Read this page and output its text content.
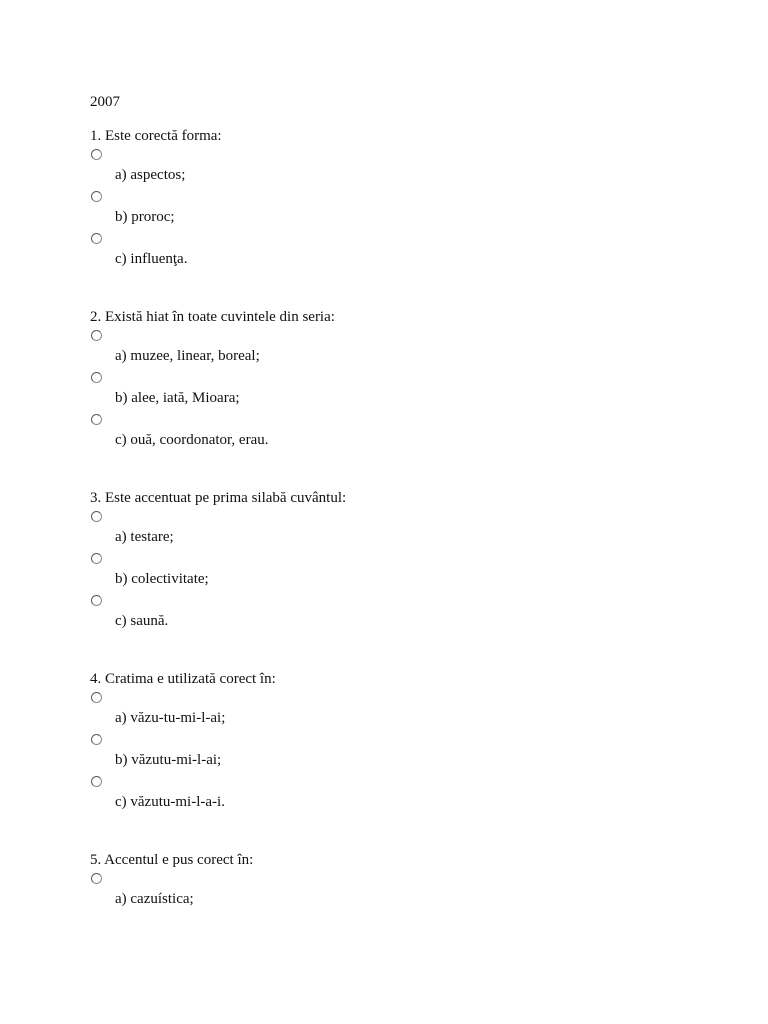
2007
1. Este corectă forma:
a) aspectos;
b) proroc;
c) influenţa.
2. Există hiat în toate cuvintele din seria:
a) muzee, linear, boreal;
b) alee, iată, Mioara;
c) ouă, coordonator, erau.
3. Este accentuat pe prima silabă cuvântul:
a) testare;
b) colectivitate;
c) saună.
4. Cratima e utilizată corect în:
a) văzu-tu-mi-l-ai;
b) văzutu-mi-l-ai;
c) văzutu-mi-l-a-i.
5. Accentul e pus corect în:
a) cazuística;
